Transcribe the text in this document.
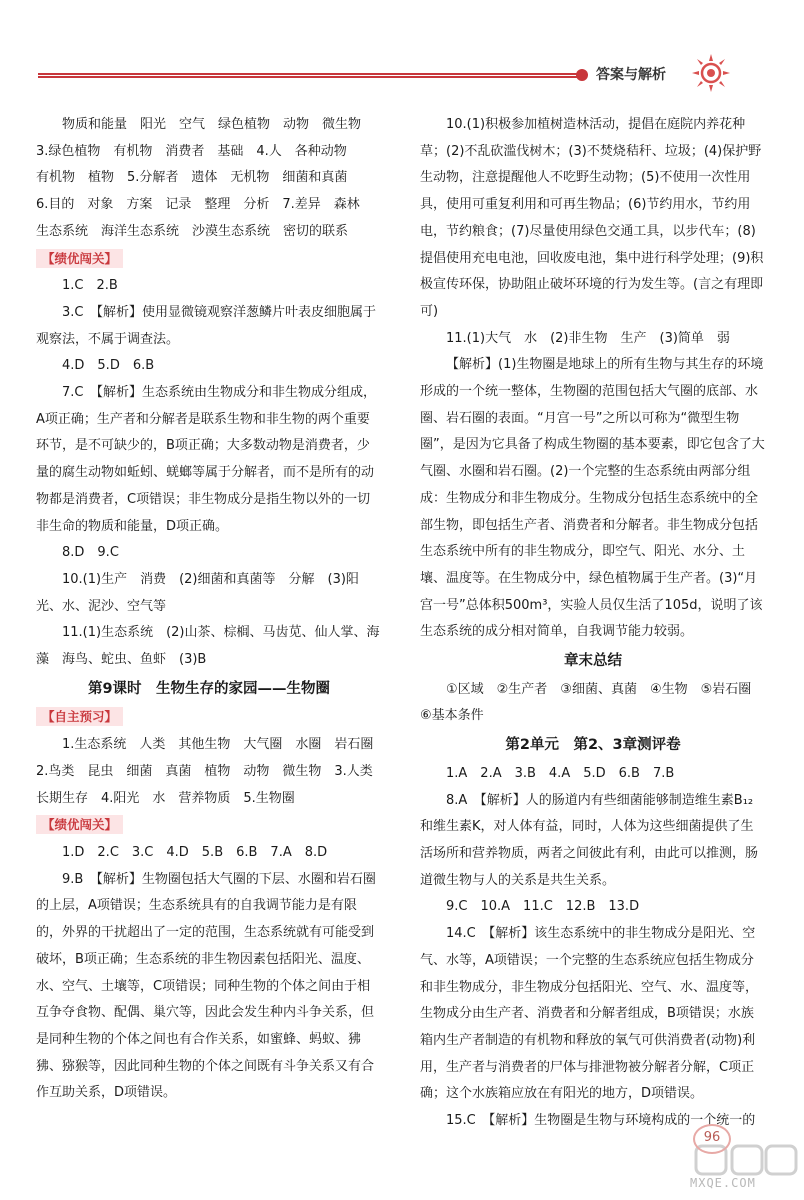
答案与解析

物质和能量　阳光　空气　绿色植物　动物　微生物

3.绿色植物　有机物　消费者　基础　4.人　各种动物

有机物　植物　5.分解者　遗体　无机物　细菌和真菌

6.目的　对象　方案　记录　整理　分析　7.差异　森林

生态系统　海洋生态系统　沙漠生态系统　密切的联系

【绩优闯关】

1.C　2.B

3.C　【解析】使用显微镜观察洋葱鳞片叶表皮细胞属于观察法，不属于调查法。

4.D　5.D　6.B

7.C　【解析】生态系统由生物成分和非生物成分组成，A项正确；生产者和分解者是联系生物和非生物的两个重要环节，是不可缺少的，B项正确；大多数动物是消费者，少量的腐生动物如蚯蚓、蜣螂等属于分解者，而不是所有的动物都是消费者，C项错误；非生物成分是指生物以外的一切非生命的物质和能量，D项正确。

8.D　9.C

10.(1)生产　消费　(2)细菌和真菌等　分解　(3)阳光、水、泥沙、空气等

11.(1)生态系统　(2)山茶、棕榈、马齿苋、仙人掌、海藻　海鸟、蛇虫、鱼虾　(3)B

第9课时　生物生存的家园——生物圈

【自主预习】

1.生态系统　人类　其他生物　大气圈　水圈　岩石圈　2.鸟类　昆虫　细菌　真菌　植物　动物　微生物　3.人类长期生存　4.阳光　水　营养物质　5.生物圈

【绩优闯关】

1.D　2.C　3.C　4.D　5.B　6.B　7.A　8.D

9.B　【解析】生物圈包括大气圈的下层、水圈和岩石圈的上层，A项错误；生态系统具有的自我调节能力是有限的，外界的干扰超出了一定的范围，生态系统就有可能受到破坏，B项正确；生态系统的非生物因素包括阳光、温度、水、空气、土壤等，C项错误；同种生物的个体之间由于相互争夺食物、配偶、巢穴等，因此会发生种内斗争关系，但是同种生物的个体之间也有合作关系，如蜜蜂、蚂蚁、狒狒、猕猴等，因此同种生物的个体之间既有斗争关系又有合作互助关系，D项错误。

10.(1)积极参加植树造林活动，提倡在庭院内养花种草；(2)不乱砍滥伐树木；(3)不焚烧秸秆、垃圾；(4)保护野生动物，注意提醒他人不吃野生动物；(5)不使用一次性用具，使用可重复利用和可再生物品；(6)节约用水，节约用电，节约粮食；(7)尽量使用绿色交通工具，以步代车；(8)提倡使用充电电池，回收废电池，集中进行科学处理；(9)积极宣传环保，协助阻止破坏环境的行为发生等。(言之有理即可)

11.(1)大气　水　(2)非生物　生产　(3)简单　弱

【解析】(1)生物圈是地球上的所有生物与其生存的环境形成的一个统一整体，生物圈的范围包括大气圈的底部、水圈、岩石圈的表面。“月宫一号”之所以可称为“微型生物圈”，是因为它具备了构成生物圈的基本要素，即它包含了大气圈、水圈和岩石圈。(2)一个完整的生态系统由两部分组成：生物成分和非生物成分。生物成分包括生态系统中的全部生物，即包括生产者、消费者和分解者。非生物成分包括生态系统中所有的非生物成分，即空气、阳光、水分、土壤、温度等。在生物成分中，绿色植物属于生产者。(3)“月宫一号”总体积500m³，实验人员仅生活了105d，说明了该生态系统的成分相对简单，自我调节能力较弱。

章末总结

①区域　②生产者　③细菌、真菌　④生物　⑤岩石圈　⑥基本条件

第2单元　第2、3章测评卷

1.A　2.A　3.B　4.A　5.D　6.B　7.B

8.A　【解析】人的肠道内有些细菌能够制造维生素B₁₂和维生素K，对人体有益，同时，人体为这些细菌提供了生活场所和营养物质，两者之间彼此有利，由此可以推测，肠道微生物与人的关系是共生关系。

9.C　10.A　11.C　12.B　13.D

14.C　【解析】该生态系统中的非生物成分是阳光、空气、水等，A项错误；一个完整的生态系统应包括生物成分和非生物成分，非生物成分包括阳光、空气、水、温度等，生物成分由生产者、消费者和分解者组成，B项错误；水族箱内生产者制造的有机物和释放的氧气可供消费者(动物)利用，生产者与消费者的尸体与排泄物被分解者分解，C项正确；这个水族箱应放在有阳光的地方，D项错误。

15.C　【解析】生物圈是生物与环境构成的一个统一的

96
MXQE.COM
